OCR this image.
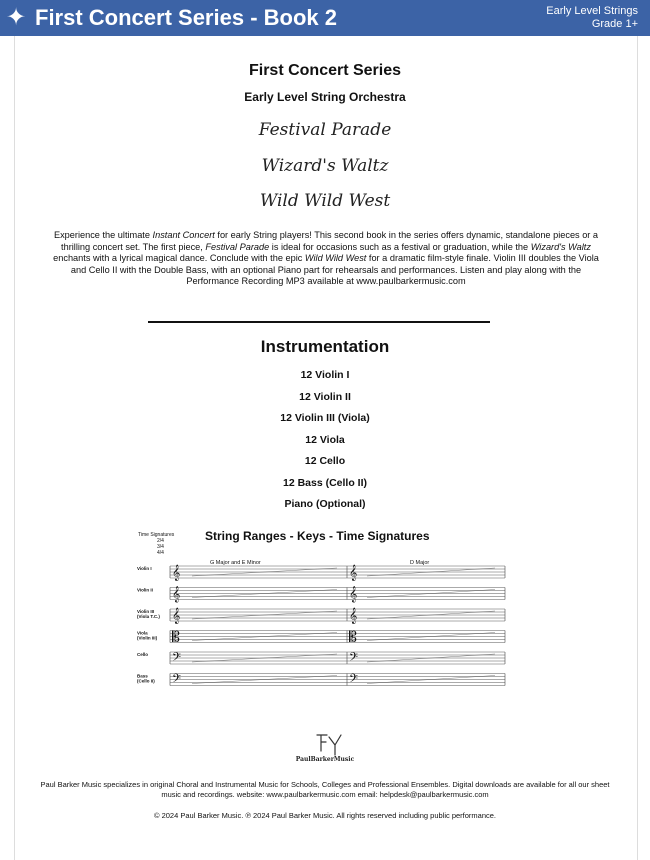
✦ First Concert Series - Book 2	Early Level Strings
Grade 1+
First Concert Series
Early Level String Orchestra
Festival Parade
Wizard's Waltz
Wild Wild West
Experience the ultimate Instant Concert for early String players! This second book in the series offers dynamic, standalone pieces or a thrilling concert set. The first piece, Festival Parade is ideal for occasions such as a festival or graduation, while the Wizard's Waltz enchants with a lyrical magical dance. Conclude with the epic Wild Wild West for a dramatic film-style finale. Violin III doubles the Viola and Cello II with the Double Bass, with an optional Piano part for rehearsals and performances. Listen and play along with the Performance Recording MP3 available at www.paulbarkermusic.com
Instrumentation
12 Violin I
12 Violin II
12 Violin III (Viola)
12 Viola
12 Cello
12 Bass (Cello II)
Piano (Optional)
String Ranges - Keys - Time Signatures
Time Signatures
2/4
3/4
4/4
G Major and E Minor	D Major
𝄞	𝄞
Violin I
𝄞	𝄞
Violin II
𝄞	𝄞
Violin III
(Viola T.C.)
𝄡	𝄡
Viola
(Violin III)
𝄢	𝄢
Cello
𝄢	𝄢
Bass
(Cello II)
PaulBarkerMusic
Paul Barker Music specializes in original Choral and Instrumental Music for Schools, Colleges and Professional Ensembles. Digital downloads are available for all our sheet music and recordings. website: www.paulbarkermusic.com email: helpdesk@paulbarkermusic.com
© 2024 Paul Barker Music. ℗ 2024 Paul Barker Music. All rights reserved including public performance.
